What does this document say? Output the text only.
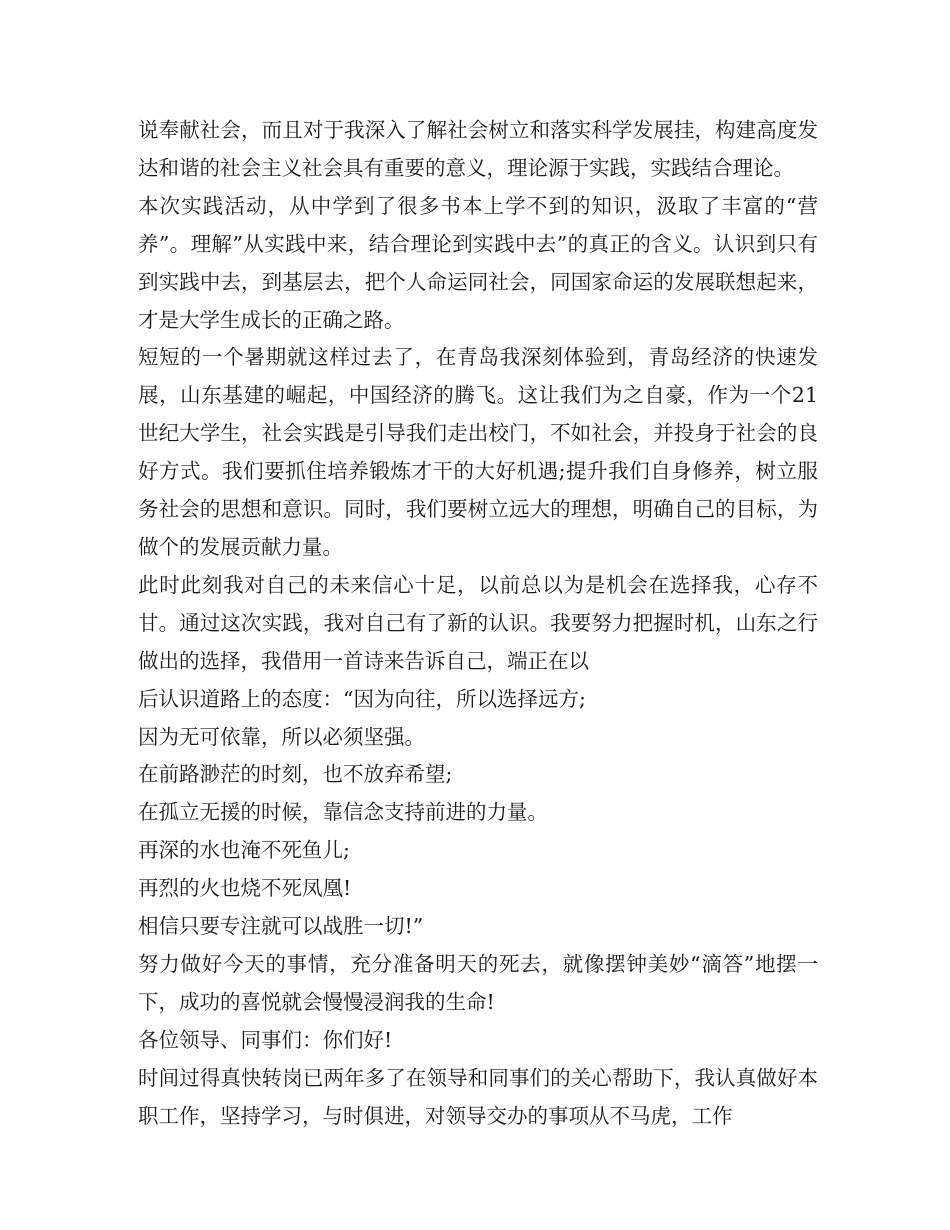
说奉献社会，而且对于我深入了解社会树立和落实科学发展挂，构建高度发达和谐的社会主义社会具有重要的意义，理论源于实践，实践结合理论。

本次实践活动，从中学到了很多书本上学不到的知识，汲取了丰富的“营养”。理解”从实践中来，结合理论到实践中去”的真正的含义。认识到只有到实践中去，到基层去，把个人命运同社会，同国家命运的发展联想起来，才是大学生成长的正确之路。

短短的一个暑期就这样过去了，在青岛我深刻体验到，青岛经济的快速发展，山东基建的崛起，中国经济的腾飞。这让我们为之自豪，作为一个21世纪大学生，社会实践是引导我们走出校门，不如社会，并投身于社会的良好方式。我们要抓住培养锻炼才干的大好机遇;提升我们自身修养，树立服务社会的思想和意识。同时，我们要树立远大的理想，明确自己的目标，为做个的发展贡献力量。

此时此刻我对自己的未来信心十足，以前总以为是机会在选择我，心存不甘。通过这次实践，我对自己有了新的认识。我要努力把握时机，山东之行做出的选择，我借用一首诗来告诉自己，端正在以

后认识道路上的态度：“因为向往，所以选择远方;

因为无可依靠，所以必须坚强。

在前路渺茫的时刻，也不放弃希望;

在孤立无援的时候，靠信念支持前进的力量。

再深的水也淹不死鱼儿;

再烈的火也烧不死凤凰!

相信只要专注就可以战胜一切!”

努力做好今天的事情，充分准备明天的死去，就像摆钟美妙“滴答”地摆一下，成功的喜悦就会慢慢浸润我的生命!

各位领导、同事们：你们好!

时间过得真快转岗已两年多了在领导和同事们的关心帮助下，我认真做好本职工作，坚持学习，与时俱进，对领导交办的事项从不马虎，工作
